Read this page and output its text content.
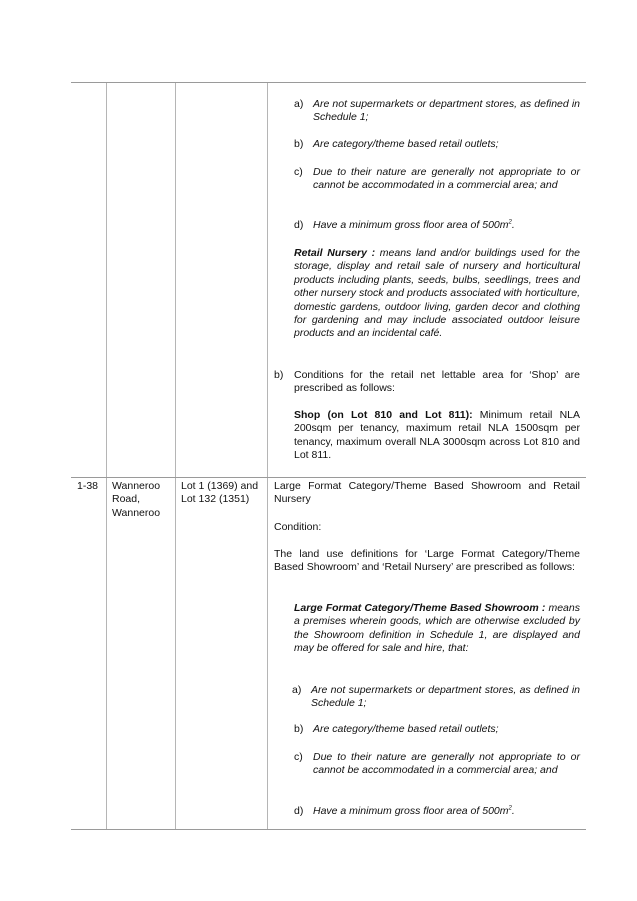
a) Are not supermarkets or department stores, as defined in Schedule 1;
b) Are category/theme based retail outlets;
c) Due to their nature are generally not appropriate to or cannot be accommodated in a commercial area; and
d) Have a minimum gross floor area of $500m^2$.
Retail Nursery : means land and/or buildings used for the storage, display and retail sale of nursery and horticultural products including plants, seeds, bulbs, seedlings, trees and other nursery stock and products associated with horticulture, domestic gardens, outdoor living, garden decor and clothing for gardening and may include associated outdoor leisure products and an incidental café.
b) Conditions for the retail net lettable area for ‘Shop’ are prescribed as follows:
Shop (on Lot 810 and Lot 811): Minimum retail NLA 200sqm per tenancy, maximum retail NLA 1500sqm per tenancy, maximum overall NLA 3000sqm across Lot 810 and Lot 811.
1-38 Wanneroo Road, Wanneroo
Lot 1 (1369) and Lot 132 (1351)
Large Format Category/Theme Based Showroom and Retail Nursery
Condition:
The land use definitions for ‘Large Format Category/Theme Based Showroom’ and ‘Retail Nursery’ are prescribed as follows:
Large Format Category/Theme Based Showroom : means a premises wherein goods, which are otherwise excluded by the Showroom definition in Schedule 1, are displayed and may be offered for sale and hire, that:
a) Are not supermarkets or department stores, as defined in Schedule 1;
b) Are category/theme based retail outlets;
c) Due to their nature are generally not appropriate to or cannot be accommodated in a commercial area; and
d) Have a minimum gross floor area of $500m^2$.
